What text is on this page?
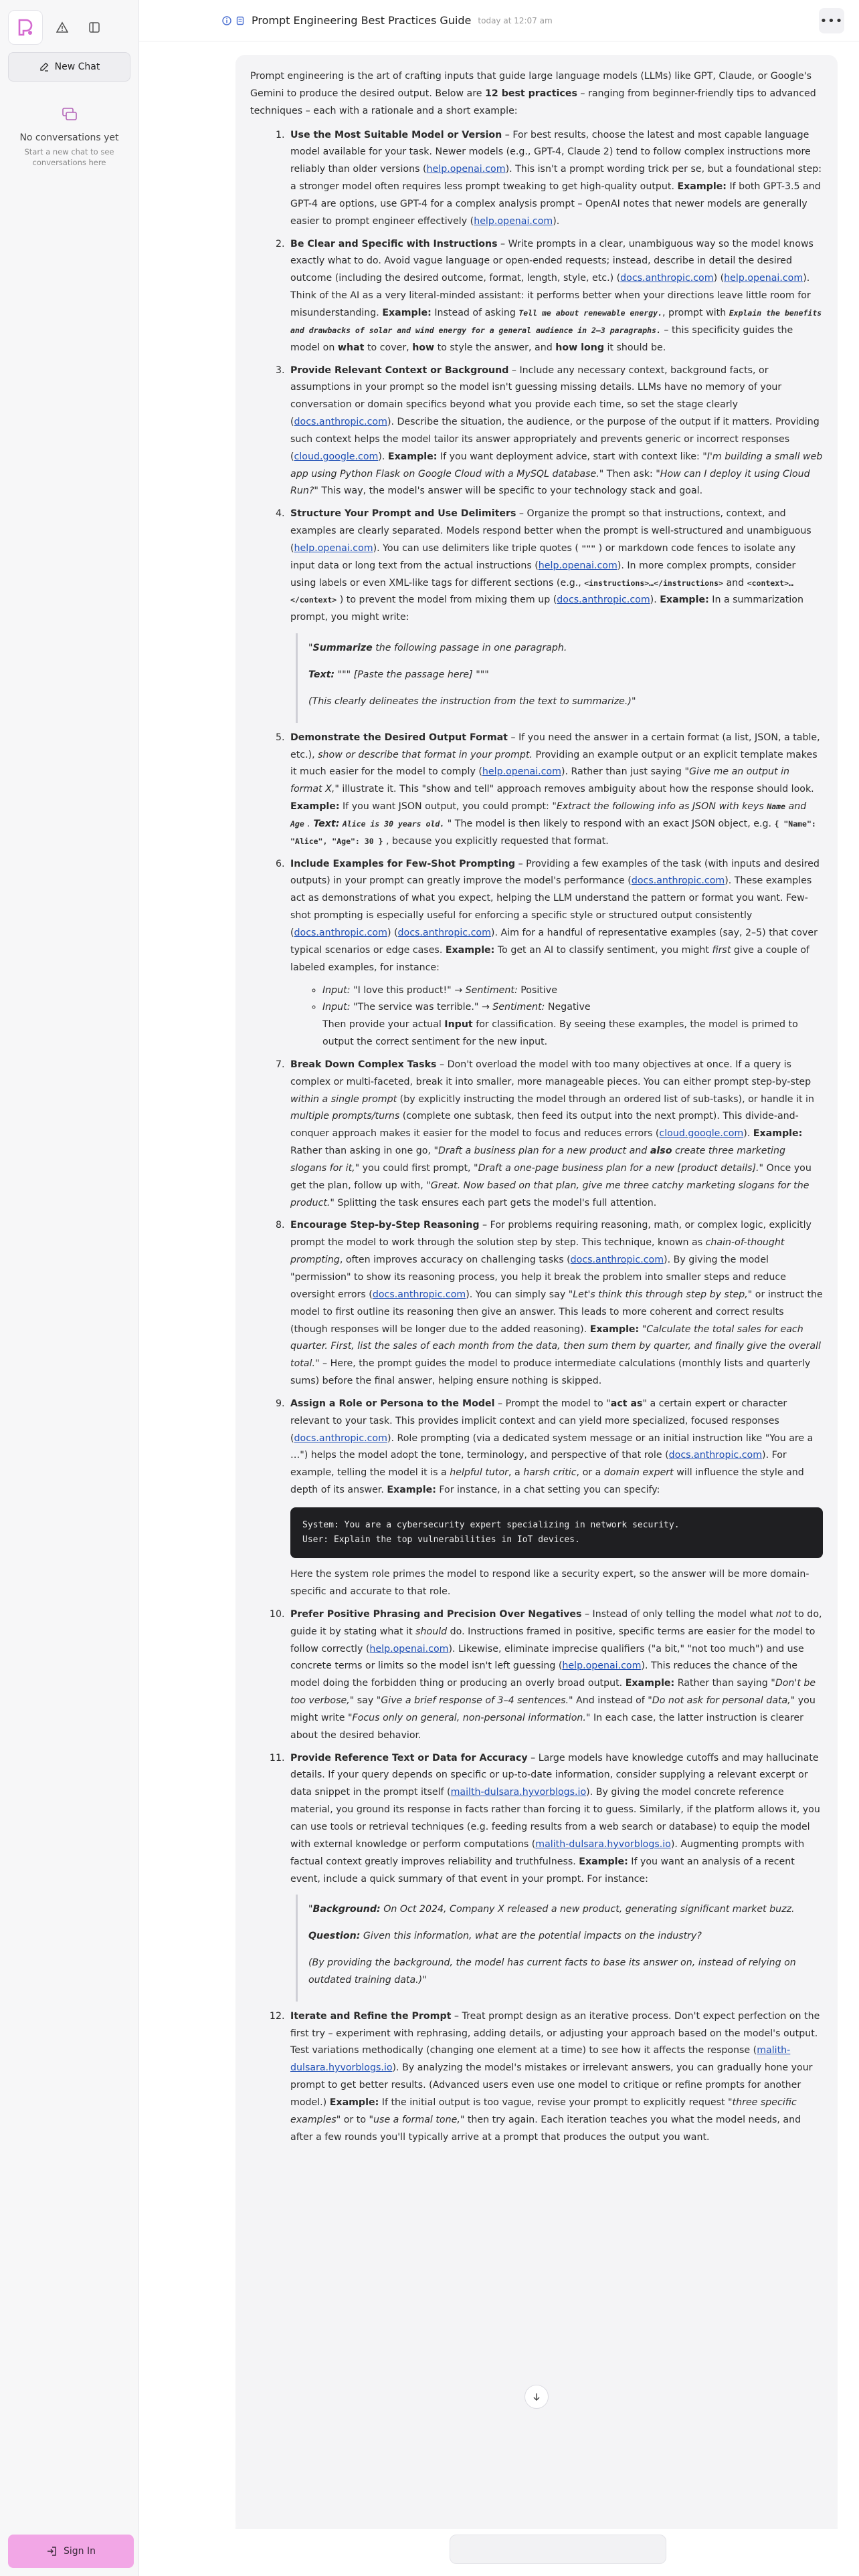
New Chat
No conversations yet
Start a new chat to see conversations here
Sign In
Prompt Engineering Best Practices Guide today at 12:07 am	•••

Prompt engineering is the art of crafting inputs that guide large language models (LLMs) like GPT, Claude, or Google's Gemini to produce the desired output. Below are 12 best practices – ranging from beginner-friendly tips to advanced techniques – each with a rationale and a short example:

1. Use the Most Suitable Model or Version – For best results, choose the latest and most capable language model available for your task. Newer models (e.g., GPT-4, Claude 2) tend to follow complex instructions more reliably than older versions (help.openai.com). This isn't a prompt wording trick per se, but a foundational step: a stronger model often requires less prompt tweaking to get high-quality output. Example: If both GPT-3.5 and GPT-4 are options, use GPT-4 for a complex analysis prompt – OpenAI notes that newer models are generally easier to prompt engineer effectively (help.openai.com).
2. Be Clear and Specific with Instructions – Write prompts in a clear, unambiguous way so the model knows exactly what to do. Avoid vague language or open-ended requests; instead, describe in detail the desired outcome (including the desired outcome, format, length, style, etc.) (docs.anthropic.com) (help.openai.com). Think of the AI as a very literal-minded assistant: it performs better when your directions leave little room for misunderstanding. Example: Instead of asking Tell me about renewable energy., prompt with Explain the benefits and drawbacks of solar and wind energy for a general audience in 2–3 paragraphs. – this specificity guides the model on what to cover, how to style the answer, and how long it should be.
3. Provide Relevant Context or Background – Include any necessary context, background facts, or assumptions in your prompt so the model isn't guessing missing details. LLMs have no memory of your conversation or domain specifics beyond what you provide each time, so set the stage clearly (docs.anthropic.com). Describe the situation, the audience, or the purpose of the output if it matters. Providing such context helps the model tailor its answer appropriately and prevents generic or incorrect responses (cloud.google.com). Example: If you want deployment advice, start with context like: "I'm building a small web app using Python Flask on Google Cloud with a MySQL database." Then ask: "How can I deploy it using Cloud Run?" This way, the model's answer will be specific to your technology stack and goal.
4. Structure Your Prompt and Use Delimiters – Organize the prompt so that instructions, context, and examples are clearly separated. Models respond better when the prompt is well-structured and unambiguous (help.openai.com). You can use delimiters like triple quotes ( """ ) or markdown code fences to isolate any input data or long text from the actual instructions (help.openai.com). In more complex prompts, consider using labels or even XML-like tags for different sections (e.g., <instructions>…</instructions> and <context>…</context> ) to prevent the model from mixing them up (docs.anthropic.com). Example: In a summarization prompt, you might write:

"Summarize the following passage in one paragraph.

Text: """ [Paste the passage here] """

(This clearly delineates the instruction from the text to summarize.)"

5. Demonstrate the Desired Output Format – If you need the answer in a certain format (a list, JSON, a table, etc.), show or describe that format in your prompt. Providing an example output or an explicit template makes it much easier for the model to comply (help.openai.com). Rather than just saying "Give me an output in format X," illustrate it. This "show and tell" approach removes ambiguity about how the response should look. Example: If you want JSON output, you could prompt: "Extract the following info as JSON with keys Name and Age . Text: Alice is 30 years old. " The model is then likely to respond with an exact JSON object, e.g. { "Name": "Alice", "Age": 30 } , because you explicitly requested that format.
6. Include Examples for Few-Shot Prompting – Providing a few examples of the task (with inputs and desired outputs) in your prompt can greatly improve the model's performance (docs.anthropic.com). These examples act as demonstrations of what you expect, helping the LLM understand the pattern or format you want. Few-shot prompting is especially useful for enforcing a specific style or structured output consistently (docs.anthropic.com) (docs.anthropic.com). Aim for a handful of representative examples (say, 2–5) that cover typical scenarios or edge cases. Example: To get an AI to classify sentiment, you might first give a couple of labeled examples, for instance:
◦ Input: "I love this product!" → Sentiment: Positive
◦ Input: "The service was terrible." → Sentiment: Negative
Then provide your actual Input for classification. By seeing these examples, the model is primed to output the correct sentiment for the new input.
7. Break Down Complex Tasks – Don't overload the model with too many objectives at once. If a query is complex or multi-faceted, break it into smaller, more manageable pieces. You can either prompt step-by-step within a single prompt (by explicitly instructing the model through an ordered list of sub-tasks), or handle it in multiple prompts/turns (complete one subtask, then feed its output into the next prompt). This divide-and-conquer approach makes it easier for the model to focus and reduces errors (cloud.google.com). Example: Rather than asking in one go, "Draft a business plan for a new product and also create three marketing slogans for it," you could first prompt, "Draft a one-page business plan for a new [product details]." Once you get the plan, follow up with, "Great. Now based on that plan, give me three catchy marketing slogans for the product." Splitting the task ensures each part gets the model's full attention.
8. Encourage Step-by-Step Reasoning – For problems requiring reasoning, math, or complex logic, explicitly prompt the model to work through the solution step by step. This technique, known as chain-of-thought prompting, often improves accuracy on challenging tasks (docs.anthropic.com). By giving the model "permission" to show its reasoning process, you help it break the problem into smaller steps and reduce oversight errors (docs.anthropic.com). You can simply say "Let's think this through step by step," or instruct the model to first outline its reasoning then give an answer. This leads to more coherent and correct results (though responses will be longer due to the added reasoning). Example: "Calculate the total sales for each quarter. First, list the sales of each month from the data, then sum them by quarter, and finally give the overall total." – Here, the prompt guides the model to produce intermediate calculations (monthly lists and quarterly sums) before the final answer, helping ensure nothing is skipped.
9. Assign a Role or Persona to the Model – Prompt the model to "act as" a certain expert or character relevant to your task. This provides implicit context and can yield more specialized, focused responses (docs.anthropic.com). Role prompting (via a dedicated system message or an initial instruction like "You are a …") helps the model adopt the tone, terminology, and perspective of that role (docs.anthropic.com). For example, telling the model it is a helpful tutor, a harsh critic, or a domain expert will influence the style and depth of its answer. Example: For instance, in a chat setting you can specify:
System: You are a cybersecurity expert specializing in network security.
User: Explain the top vulnerabilities in IoT devices.
Here the system role primes the model to respond like a security expert, so the answer will be more domain-specific and accurate to that role.
10. Prefer Positive Phrasing and Precision Over Negatives – Instead of only telling the model what not to do, guide it by stating what it should do. Instructions framed in positive, specific terms are easier for the model to follow correctly (help.openai.com). Likewise, eliminate imprecise qualifiers ("a bit," "not too much") and use concrete terms or limits so the model isn't left guessing (help.openai.com). This reduces the chance of the model doing the forbidden thing or producing an overly broad output. Example: Rather than saying "Don't be too verbose," say "Give a brief response of 3–4 sentences." And instead of "Do not ask for personal data," you might write "Focus only on general, non-personal information." In each case, the latter instruction is clearer about the desired behavior.
11. Provide Reference Text or Data for Accuracy – Large models have knowledge cutoffs and may hallucinate details. If your query depends on specific or up-to-date information, consider supplying a relevant excerpt or data snippet in the prompt itself (mailth-dulsara.hyvorblogs.io). By giving the model concrete reference material, you ground its response in facts rather than forcing it to guess. Similarly, if the platform allows it, you can use tools or retrieval techniques (e.g. feeding results from a web search or database) to equip the model with external knowledge or perform computations (malith-dulsara.hyvorblogs.io). Augmenting prompts with factual context greatly improves reliability and truthfulness. Example: If you want an analysis of a recent event, include a quick summary of that event in your prompt. For instance:

"Background: On Oct 2024, Company X released a new product, generating significant market buzz.

Question: Given this information, what are the potential impacts on the industry?

(By providing the background, the model has current facts to base its answer on, instead of relying on outdated training data.)"

12. Iterate and Refine the Prompt – Treat prompt design as an iterative process. Don't expect perfection on the first try – experiment with rephrasing, adding details, or adjusting your approach based on the model's output. Test variations methodically (changing one element at a time) to see how it affects the response (malith-dulsara.hyvorblogs.io). By analyzing the model's mistakes or irrelevant answers, you can gradually hone your prompt to get better results. (Advanced users even use one model to critique or refine prompts for another model.) Example: If the initial output is too vague, revise your prompt to explicitly request "three specific examples" or to "use a formal tone," then try again. Each iteration teaches you what the model needs, and after a few rounds you'll typically arrive at a prompt that produces the output you want.
